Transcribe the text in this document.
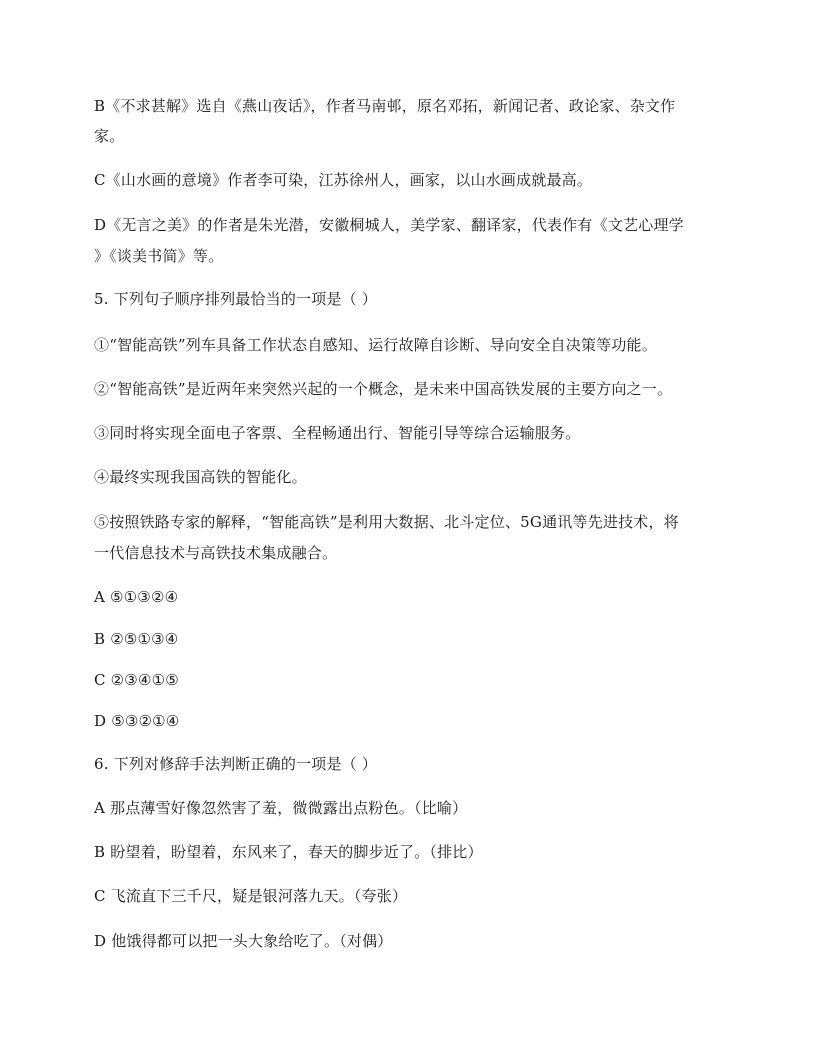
B《不求甚解》选自《燕山夜话》，作者马南邨，原名邓拓，新闻记者、政论家、杂文作
家。
C《山水画的意境》作者李可染，江苏徐州人，画家，以山水画成就最高。
D《无言之美》的作者是朱光潜，安徽桐城人，美学家、翻译家，代表作有《文艺心理学
》《谈美书简》等。
5. 下列句子顺序排列最恰当的一项是（ ）
①“智能高铁”列车具备工作状态自感知、运行故障自诊断、导向安全自决策等功能。
②“智能高铁”是近两年来突然兴起的一个概念，是未来中国高铁发展的主要方向之一。
③同时将实现全面电子客票、全程畅通出行、智能引导等综合运输服务。
④最终实现我国高铁的智能化。
⑤按照铁路专家的解释，“智能高铁”是利用大数据、北斗定位、5G通讯等先进技术，将
一代信息技术与高铁技术集成融合。
A ⑤①③②④
B ②⑤①③④
C ②③④①⑤
D ⑤③②①④
6. 下列对修辞手法判断正确的一项是（ ）
A 那点薄雪好像忽然害了羞，微微露出点粉色。（比喻）
B 盼望着，盼望着，东风来了，春天的脚步近了。（排比）
C 飞流直下三千尺，疑是银河落九天。（夸张）
D 他饿得都可以把一头大象给吃了。（对偶）
